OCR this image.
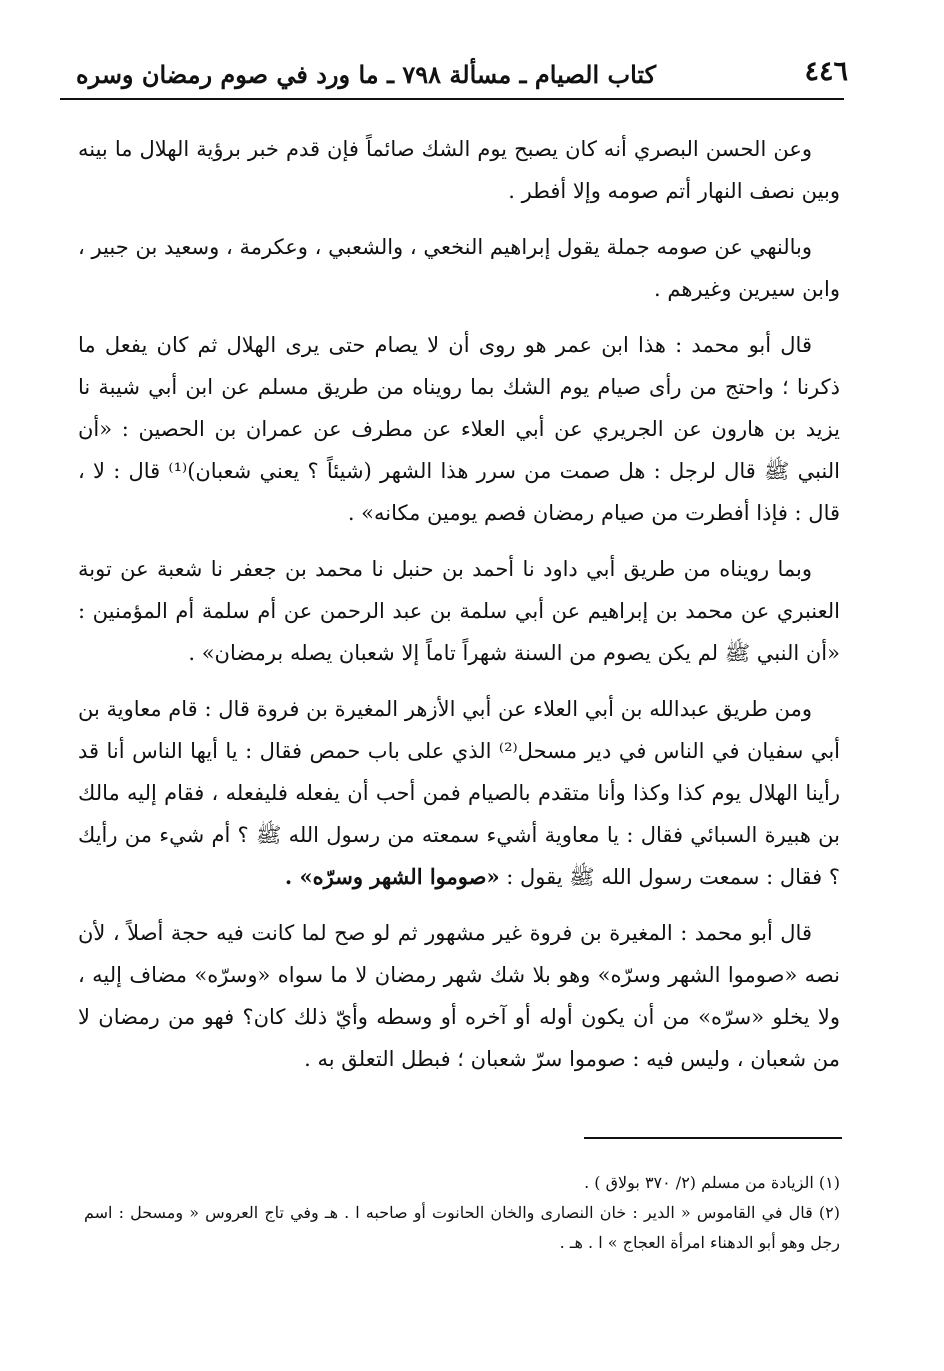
٤٤٦
كتاب الصيام ـ مسألة ٧٩٨ ـ ما ورد في صوم رمضان وسره

وعن الحسن البصري أنه كان يصبح يوم الشك صائماً فإن قدم خبر برؤية الهلال ما بينه وبين نصف النهار أتم صومه وإلا أفطر .

وبالنهي عن صومه جملة يقول إبراهيم النخعي ، والشعبي ، وعكرمة ، وسعيد بن جبير ، وابن سيرين وغيرهم .

قال أبو محمد : هذا ابن عمر هو روى أن لا يصام حتى يرى الهلال ثم كان يفعل ما ذكرنا ؛ واحتج من رأى صيام يوم الشك بما رويناه من طريق مسلم عن ابن أبي شيبة نا يزيد بن هارون عن الجريري عن أبي العلاء عن مطرف عن عمران بن الحصين : «أن النبي ﷺ قال لرجل : هل صمت من سرر هذا الشهر (شيئاً ؟ يعني شعبان)⁽¹⁾ قال : لا ، قال : فإذا أفطرت من صيام رمضان فصم يومين مكانه» .

وبما رويناه من طريق أبي داود نا أحمد بن حنبل نا محمد بن جعفر نا شعبة عن توبة العنبري عن محمد بن إبراهيم عن أبي سلمة بن عبد الرحمن عن أم سلمة أم المؤمنين : «أن النبي ﷺ لم يكن يصوم من السنة شهراً تاماً إلا شعبان يصله برمضان» .

ومن طريق عبدالله بن أبي العلاء عن أبي الأزهر المغيرة بن فروة قال : قام معاوية بن أبي سفيان في الناس في دير مسحل⁽²⁾ الذي على باب حمص فقال : يا أيها الناس أنا قد رأينا الهلال يوم كذا وكذا وأنا متقدم بالصيام فمن أحب أن يفعله فليفعله ، فقام إليه مالك بن هبيرة السبائي فقال : يا معاوية أشيء سمعته من رسول الله ﷺ ؟ أم شيء من رأيك ؟ فقال : سمعت رسول الله ﷺ يقول : «صوموا الشهر وسرّه» .

قال أبو محمد : المغيرة بن فروة غير مشهور ثم لو صح لما كانت فيه حجة أصلاً ، لأن نصه «صوموا الشهر وسرّه» وهو بلا شك شهر رمضان لا ما سواه «وسرّه» مضاف إليه ، ولا يخلو «سرّه» من أن يكون أوله أو آخره أو وسطه وأيّ ذلك كان؟ فهو من رمضان لا من شعبان ، وليس فيه : صوموا سرّ شعبان ؛ فبطل التعلق به .

(١) الزيادة من مسلم (٢/ ٣٧٠ بولاق ) .

(٢) قال في القاموس « الدير : خان النصارى والخان الحانوت أو صاحبه ا . هـ وفي تاج العروس « ومسحل : اسم رجل وهو أبو الدهناء امرأة العجاج » ا . هـ .
